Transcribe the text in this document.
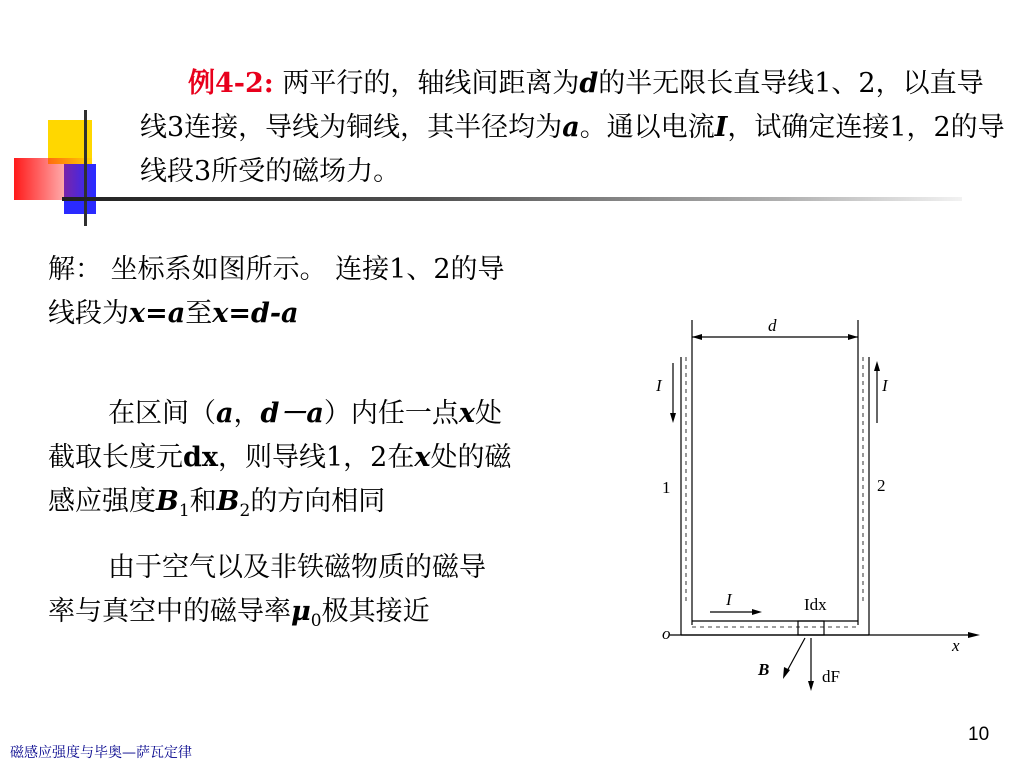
例4-2: 两平行的，轴线间距离为d的半无限长直导线1、2，以直导线3连接，导线为铜线，其半径均为a。通以电流I，试确定连接1，2的导线段3所受的磁场力。
解： 坐标系如图所示。 连接1、2的导
线段为x=a至x=d-a
在区间（a，d－a）内任一点x处
截取长度元dx，则导线1，2在x处的磁
感应强度$B_1$和$B_2$的方向相同
由于空气以及非铁磁物质的磁导
率与真空中的磁导率$\mu_0$极其接近
d
I	I
1	2
I	Idx
o
x
B	dF
磁感应强度与毕奥—萨瓦定律
10
